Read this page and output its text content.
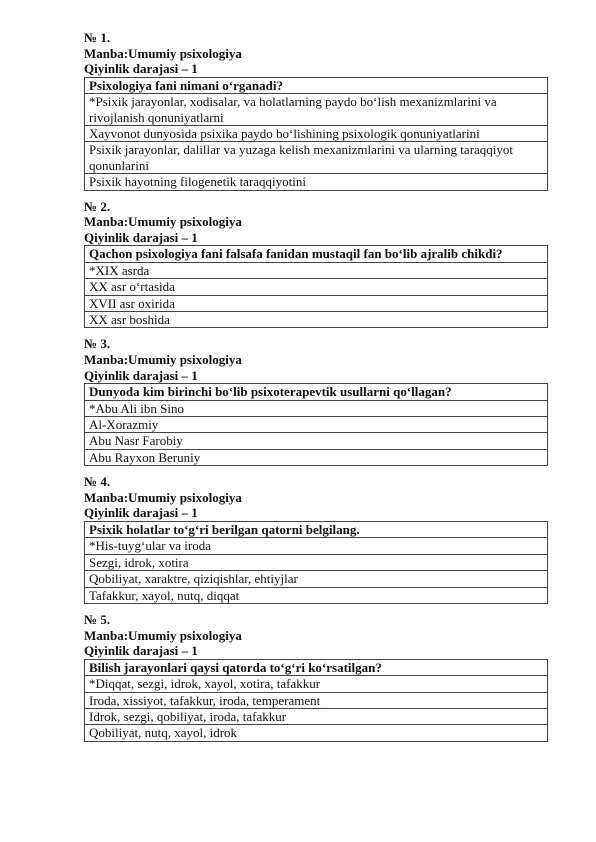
№ 1.
Manba:Umumiy psixologiya
Qiyinlik darajasi – 1
Psixologiya fani nimani o‘rganadi?
*Psixik jarayonlar, xodisalar, va holatlarning paydo bo‘lish mexanizmlarini va rivojlanish qonuniyatlarni
Xayvonot dunyosida psixika paydo bo‘lishining psixologik qonuniyatlarini
Psixik jarayonlar, dalillar va yuzaga kelish mexanizmlarini va ularning taraqqiyot qonunlarini
Psixik hayotning filogenetik taraqqiyotini
№ 2.
Manba:Umumiy psixologiya
Qiyinlik darajasi – 1
Qachon psixologiya fani falsafa fanidan mustaqil fan bo‘lib ajralib chikdi?
*XIX asrda
XX asr o‘rtasida
XVII asr oxirida
XX asr boshida
№ 3.
Manba:Umumiy psixologiya
Qiyinlik darajasi – 1
Dunyoda kim birinchi bo‘lib psixoterapevtik usullarni qo‘llagan?
*Abu Ali ibn Sino
Al-Xorazmiy
Abu Nasr Farobiy
Abu Rayxon Beruniy
№ 4.
Manba:Umumiy psixologiya
Qiyinlik darajasi – 1
Psixik holatlar to‘g‘ri berilgan qatorni belgilang.
*His-tuyg‘ular va iroda
Sezgi, idrok, xotira
Qobiliyat, xaraktre, qiziqishlar, ehtiyjlar
Tafakkur, xayol, nutq, diqqat
№ 5.
Manba:Umumiy psixologiya
Qiyinlik darajasi – 1
Bilish jarayonlari qaysi qatorda to‘g‘ri ko‘rsatilgan?
*Diqqat, sezgi, idrok, xayol, xotira, tafakkur
Iroda, xissiyot, tafakkur, iroda, temperament
Idrok, sezgi, qobiliyat, iroda, tafakkur
Qobiliyat, nutq, xayol, idrok
